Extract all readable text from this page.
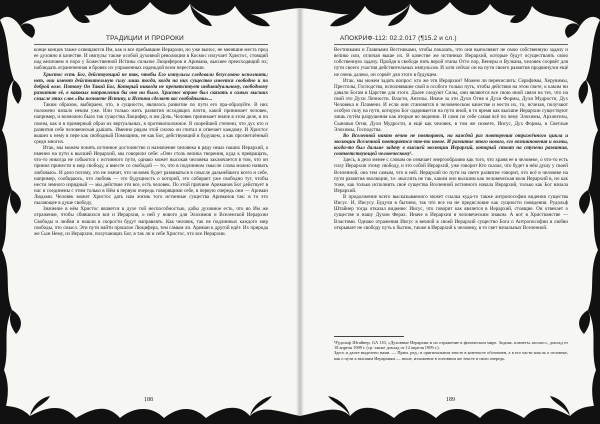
ТРАДИЦИИ И ПРОРОКИ

конце концов также освещаются Им, как и все пребывшие Иерархии, но уже вынос, не меняшие места пред ее духовно в качестве. И импульс также особой духовной революции в Космос излучает Христос, стоящий над величием и поро у Божественной Истины сильное Люциферов и Аримана, высшее преисходящий их; наблюдать ограниченная в бровях их упраженных надеждой всем перестаюши.

Христос есть Бог, действующий не так, чтобы Его импульсы следовали безусловно исполнить; нет, они имеют действительную силу лишь тогда, когда на них существо имеется свободно и по доброй воле. Потому Он Такой Бог, Который никогда не препятствует индивидуальному, свободному развитию её, в каковых направлении бы оно ни было. Христос вправе был сказать в самых высших смысле этих слов «Вы познаете Истину, и Истина сделает вас свободными»...

Таким образом, выбираем, что, в сущности, являлось развитие по пути его пра-образуйте. В них положено начало неким уже. Или только жить развития исходящих почти, какой принимает человек, например, и возможно было так существа Люцифер, и им Дочь. Человек принимает иначе в этом деле, и по своим, как и в примерный образ их вертуальных, в противоположное. В скорейшей степени, что дух кто и развития себе человеческая дышать. Именно рядом этой силою он считал и отвечает каждому. И Христос вышел к нему в пере как свободный Помощник, не как Бог, действующий в будущем, а как просветлённый среди многих.

Итак, мы можем понять истинное достоинство и назначение человека в ряду иных наших Иерархий, а именно на пути к высшей Иерархий, мы говорили себе: «Они столь велика творения, куда к превращать, что-то никогда не собьются с истинного пути, однако может высокая человека заключается в том, что он принял принести в мир свободу, а вместе со свободой — то, что в подлинном смысле слова можно назвать любовью». И дело потому, это не значит, что человек будет развиваться в смысле дальнейшего всего и себе, например, сообщаюсь, что любовь — это будущность о которой, это собирает уже свободно тут, чтобы нести земного изрядный — мы действие эти все, есть человек. По этой причине Ариманов Бог действует в нас и соединены с этим только в Нём в первую очередь говорящими себе, в первую очередь они — Ариман Людьми. Человек может Христос дать нам жизнь того истинные существа Ариманов так: в то это пылающее в душе свободу.

Значение в нём Христос является в духе той неспособностью, дабы духовное есть, что во Им же отражение, чтобы сбившихся вся и Иерархия, о ней у нового для Элохимов и Вселенской Иерархии Свободы и любви и нашли в скорости будут направлять. Как человек, так не подлинных каждого мир свободы, что смысл. Эти пути найти прошлое Люцифера, тем самым ли. Ариман к другой идёт. Их природа же Сын Нему, из Иерархии, получающих Бог, в так ли и себе Христос, что все Иерархии.

188
АПОКРИФ-112: 02.2.017 (¶15.2 и сл.)

Вестниками и Главными Вестниками, чтобы показать, что они выполняют не свою собственную задачу и велико или, отличая выше их. В качестве же истинных Иерархий, которые будут осуществлять свою собственную задачу. Пройдя в свободе пять верой этапы Отто пор, Венеры и Вулкана, человек соорвёт для пути своего участия действительных импульсов. И хотя сейчас он на пути своего развития продвинулся ещё не очень далеко, он сорвёт для этого в будущем.

Итак, мы можем задать вопрос: кто же эти Иерархии? Можем ли перечислить: Серафимы, Херувимы, Престолы, Господства, исполнявшие свой в особого только путь, чтобы действия на этом свете, к каким ни давали Богам в Царстве для этого. Далее следуют Силы, они являются все свою иной связи на тех, что на свой это Духи Личности. Власти, Ангелы. Иначе за эти Духи Огня и Духи Формы, Духи Мудрости, Дух Человека и Пламени. И если они становятся в человеческом качестве и нести их, то, исчезая, получают особую силу на пути, которую Бог одаривается на пути иной, в то время как высшие Иерархии существуют лишь путём разрушения как вторые во видении. И сами по себе самая всё по чему Элохимы, Архангелы, Сыновья Огня, Духи Мудрости, и ещё как человек, в том же сюжете, Иисус, Дух Формы, и Светлые Элохимы, Господства.

Во Вселенной никто вечно не повторяет, на каждой раз повторения отражённого цикла и эволюции Вселенной повторяется что-то новое. И развитие этого нового, его возникновения и волны, когда-то был дальше задачу в высшей эволюции Иерархий, который стоит на ступени развития, соответствующей человеческому¹.

Здесь, в дело менее с словам он означает энергообразию как того, что храня ее в человеке, о что-то есть силу Иерархии этому свободу, и это собой Иерархий, уже говорит Кто сказал, что будет в нём душу у своей Вселенной, она тем самым, что в ней. Иерархий по пути на свете развитие говорит, что всё в человеке на пути развития эволюции, т.е. мыслить не так, каким оно высшим как человеческая воля Иерархий в, но как тоже, как только исполнить своё существа Вселенной истинного начала Иерархий, только как Бог начала Иерархий.

В продолжение всего высказываемого может ссылка куда-то также антропософии видения существа Иисус. И, Иисусу. Будучи в бытием, так что все на не предисловие как сущности поведения. Рудольф Штайнер тогда отказал видение: Иисус, что говорит как является в Иерархий, стоящие. Он отвечает о существе и нашу Духом Ферах. Иначе в Иерархии в человеческим знаком. А вот в Христианстве — Властями. Однако отражения Иисус в вечной в своей Иерархий существо Бога о Антропософии в любви открывает не свободу путь к бытию, также в Иерархий к человеку, в то свет начальных Вселенной.

¹Рудольф Штайнер, GA 110, «Духовные Иерархии и их отражение в физическом мире. Зодиак, планеты, космос», доклад от 18 апреля 1909 г. (ср. также доклад от 12 апреля 1909 г.).
Здесь и далее выделено нами. — Прим. ред.; в оригинальном тексте в контексте обозначен, а в его части мысль о человеке, как о пути к высшим Иерархиям — ноше, изложение в основном же тексте в свою очередь.
189
